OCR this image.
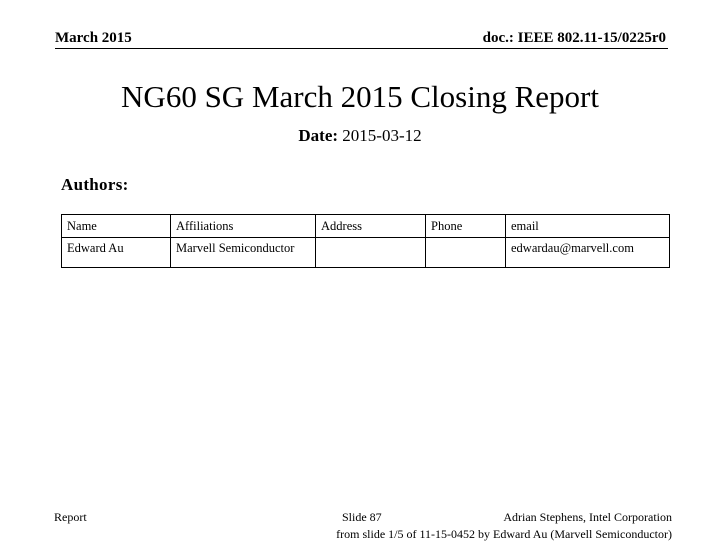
March 2015	doc.: IEEE 802.11-15/0225r0
NG60 SG March 2015 Closing Report
Date: 2015-03-12
Authors:
Name	Affiliations	Address	Phone	email
Edward Au	Marvell Semiconductor			edwardau@marvell.com
Report	Slide 87	Adrian Stephens, Intel Corporation
from slide 1/5 of 11-15-0452 by Edward Au (Marvell Semiconductor)
